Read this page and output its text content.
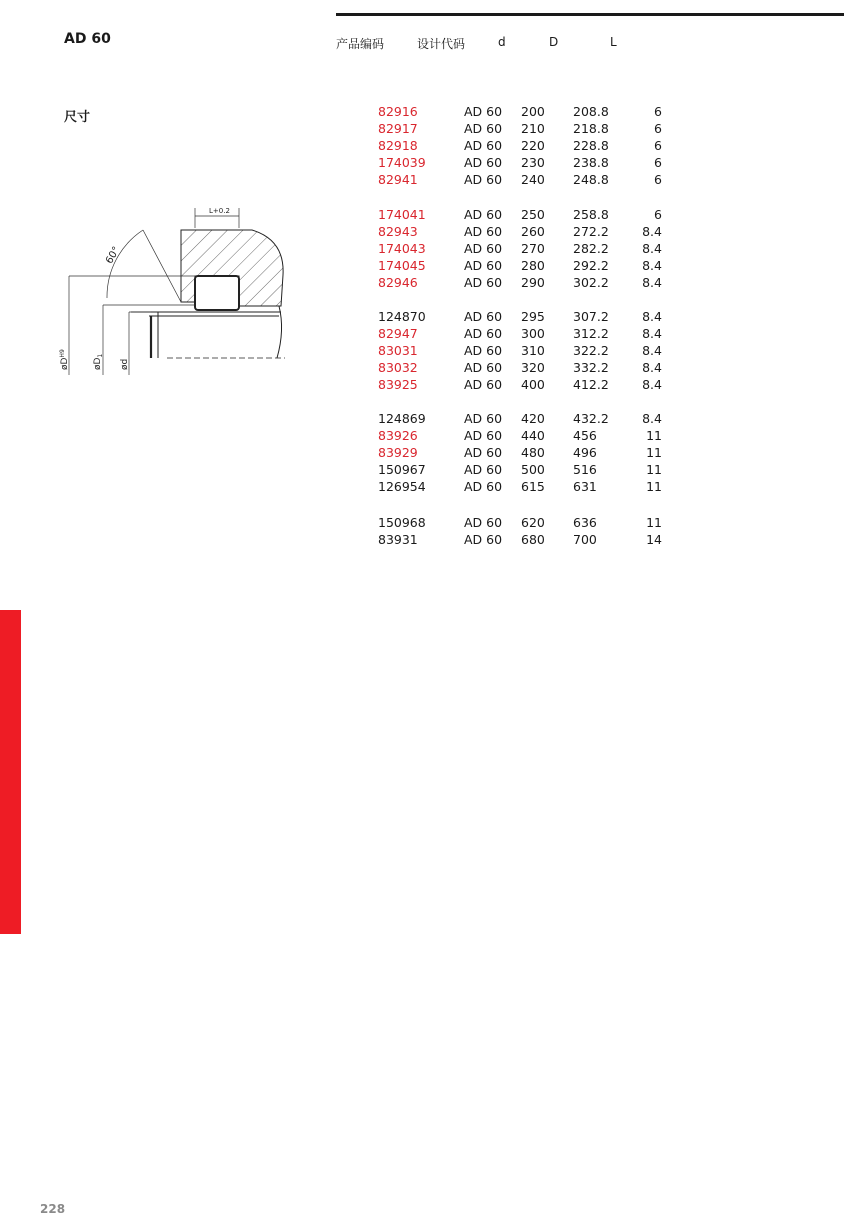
AD 60	产品编码	设计代码	d	D	L
尺寸
L+0.2
60°
$øD^{H9}$
$øD_1$
ød
82916	AD 60 200 208.8	6
82917	AD 60 210 218.8	6
82918	AD 60 220 228.8	6
174039	AD 60 230 238.8	6
82941	AD 60 240 248.8	6
174041	AD 60 250 258.8	6
82943	AD 60 260 272.2	8.4
174043	AD 60 270 282.2	8.4
174045	AD 60 280 292.2	8.4
82946	AD 60 290 302.2	8.4
124870	AD 60 295 307.2	8.4
82947	AD 60 300 312.2	8.4
83031	AD 60 310 322.2	8.4
83032	AD 60 320 332.2	8.4
83925	AD 60 400 412.2	8.4
124869	AD 60 420 432.2	8.4
83926	AD 60 440 456	11
83929	AD 60 480 496	11
150967	AD 60 500 516	11
126954	AD 60 615 631	11
150968	AD 60 620 636	11
83931	AD 60 680 700	14
228
